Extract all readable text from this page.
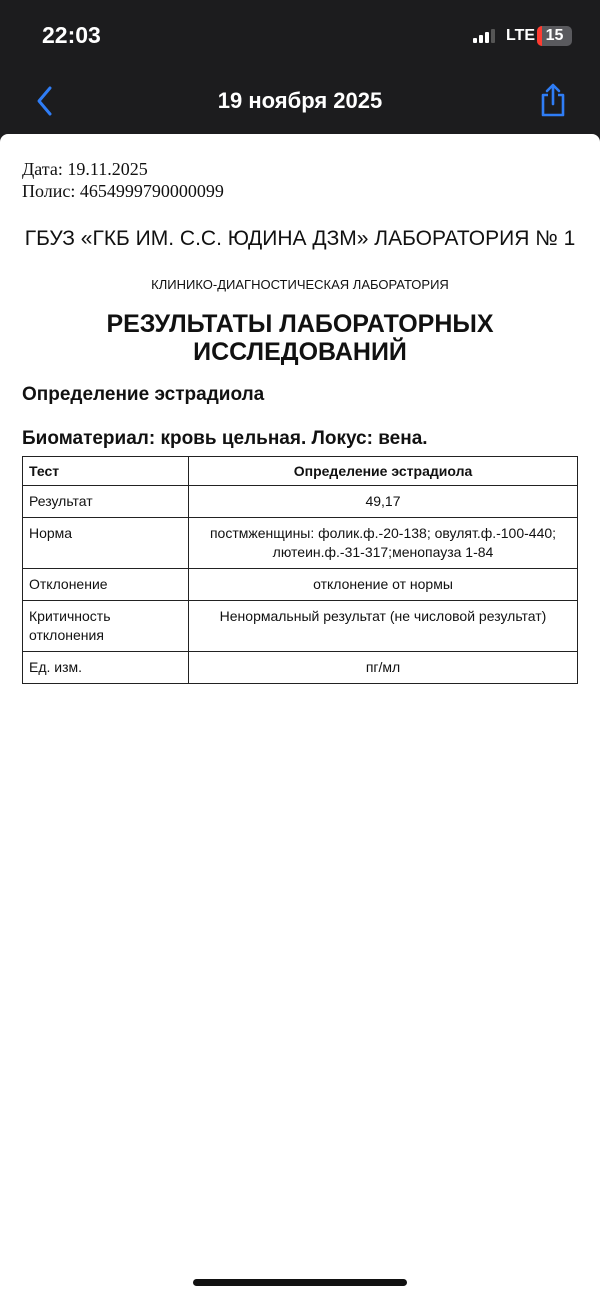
22:03	LTE 15
19 ноября 2025
Дата: 19.11.2025
Полис: 4654999790000099
ГБУЗ «ГКБ ИМ. С.С. ЮДИНА ДЗМ» ЛАБОРАТОРИЯ № 1
КЛИНИКО-ДИАГНОСТИЧЕСКАЯ ЛАБОРАТОРИЯ
РЕЗУЛЬТАТЫ ЛАБОРАТОРНЫХ ИССЛЕДОВАНИЙ
Определение эстрадиола
Биоматериал: кровь цельная. Локус: вена.
Тест	Определение эстрадиола
Результат	49,17
Норма	постмженщины: фолик.ф.-20-138; овулят.ф.-100-440; лютеин.ф.-31-317;менопауза 1-84
Отклонение	отклонение от нормы
Критичность отклонения	Ненормальный результат (не числовой результат)
Ед. изм.	пг/мл
